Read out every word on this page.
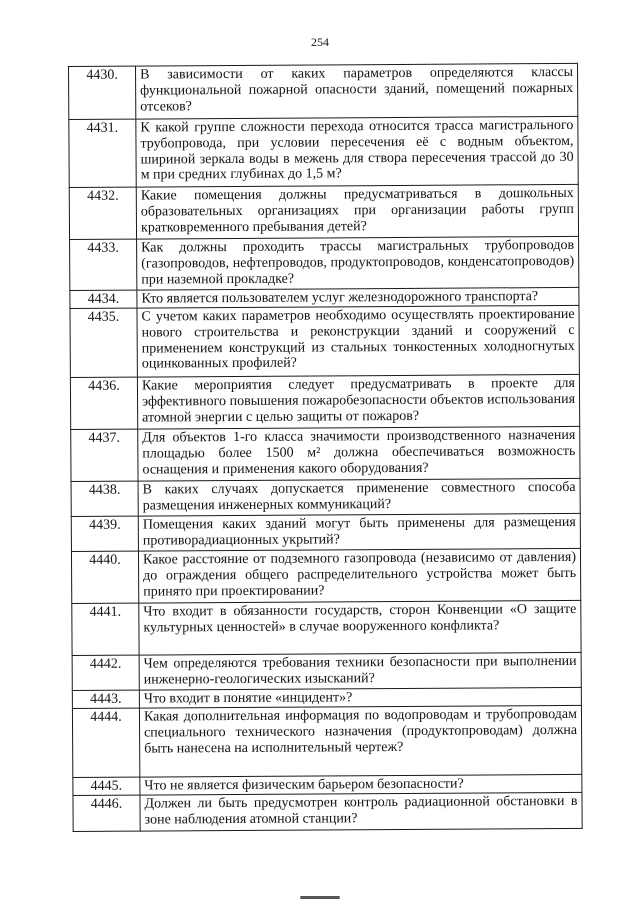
254
4430.	В зависимости от каких параметров определяются классы функциональной пожарной опасности зданий, помещений пожарных отсеков?
4431.	К какой группе сложности перехода относится трасса магистрального трубопровода, при условии пересечения её с водным объектом, шириной зеркала воды в межень для створа пересечения трассой до 30 м при средних глубинах до 1,5 м?
4432.	Какие помещения должны предусматриваться в дошкольных образовательных организациях при организации работы групп кратковременного пребывания детей?
4433.	Как должны проходить трассы магистральных трубопроводов (газопроводов, нефтепроводов, продуктопроводов, конденсатопроводов) при наземной прокладке?
4434.	Кто является пользователем услуг железнодорожного транспорта?
4435.	С учетом каких параметров необходимо осуществлять проектирование нового строительства и реконструкции зданий и сооружений с применением конструкций из стальных тонкостенных холодногнутых оцинкованных профилей?
4436.	Какие мероприятия следует предусматривать в проекте для эффективного повышения пожаробезопасности объектов использования атомной энергии с целью защиты от пожаров?
4437.	Для объектов 1-го класса значимости производственного назначения площадью более 1500 м² должна обеспечиваться возможность оснащения и применения какого оборудования?
4438.	В каких случаях допускается применение совместного способа размещения инженерных коммуникаций?
4439.	Помещения каких зданий могут быть применены для размещения противорадиационных укрытий?
4440.	Какое расстояние от подземного газопровода (независимо от давления) до ограждения общего распределительного устройства может быть принято при проектировании?
4441.	Что входит в обязанности государств, сторон Конвенции «О защите культурных ценностей» в случае вооруженного конфликта?
4442.	Чем определяются требования техники безопасности при выполнении инженерно-геологических изысканий?
4443.	Что входит в понятие «инцидент»?
4444.	Какая дополнительная информация по водопроводам и трубопроводам специального технического назначения (продуктопроводам) должна быть нанесена на исполнительный чертеж?
4445.	Что не является физическим барьером безопасности?
4446.	Должен ли быть предусмотрен контроль радиационной обстановки в зоне наблюдения атомной станции?
